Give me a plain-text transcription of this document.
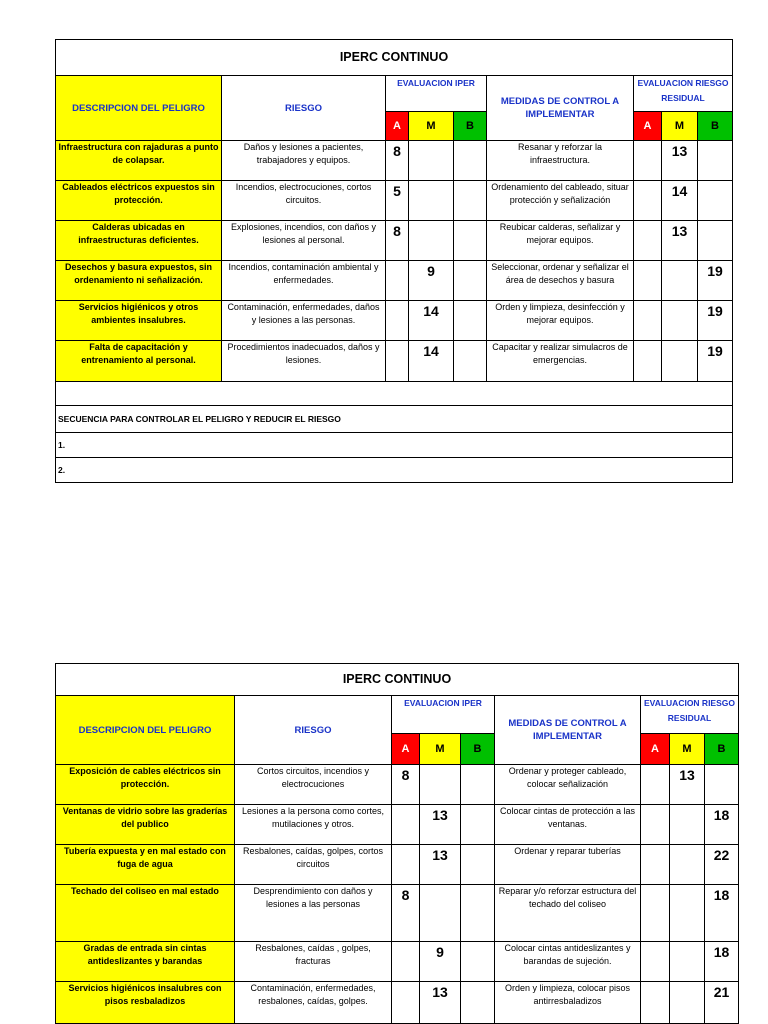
IPERC CONTINUO								
DESCRIPCION DEL PELIGRO	RIESGO	EVALUACION IPER			MEDIDAS DE CONTROL A IMPLEMENTAR	EVALUACION RIESGO RESIDUAL		
		A	M	B		A	M	B
Infraestructura con rajaduras a punto de colapsar.	Daños y lesiones a pacientes, trabajadores y equipos.	8			Resanar y reforzar la infraestructura.		13	
Cableados eléctricos expuestos sin protección.	Incendios, electrocuciones, cortos circuitos.	5			Ordenamiento del cableado, situar protección y señalización		14	
Calderas ubicadas en infraestructuras deficientes.	Explosiones, incendios, con daños y lesiones al personal.	8			Reubicar calderas, señalizar y mejorar equipos.		13	
Desechos y basura expuestos, sin ordenamiento ni señalización.	Incendios, contaminación ambiental y enfermedades.		9		Seleccionar, ordenar y señalizar el área de desechos y basura			19
Servicios higiénicos y otros ambientes insalubres.	Contaminación, enfermedades, daños y lesiones a las personas.		14		Orden y limpieza, desinfección y mejorar equipos.			19
Falta de capacitación y entrenamiento al personal.	Procedimientos inadecuados, daños y lesiones.		14		Capacitar y realizar simulacros de emergencias.			19

SECUENCIA PARA CONTROLAR EL PELIGRO Y REDUCIR EL RIESGO								
1.								
2.								
IPERC CONTINUO								
DESCRIPCION DEL PELIGRO	RIESGO	EVALUACION IPER			MEDIDAS DE CONTROL A IMPLEMENTAR	EVALUACION RIESGO RESIDUAL		
		A	M	B		A	M	B
Exposición de cables eléctricos sin protección.	Cortos circuitos, incendios y electrocuciones	8			Ordenar y proteger cableado, colocar señalización		13	
Ventanas de vidrio sobre las graderías del publico	Lesiones a la persona como cortes, mutilaciones y otros.		13		Colocar cintas de protección a las ventanas.			18
Tubería expuesta y en mal estado con fuga de agua	Resbalones, caídas, golpes, cortos circuitos		13		Ordenar y reparar tuberías			22
Techado del coliseo en mal estado	Desprendimiento con daños y lesiones a las personas	8			Reparar y/o reforzar estructura del techado del coliseo			18
Gradas de entrada sin cintas antideslizantes y barandas	Resbalones, caídas , golpes, fracturas		9		Colocar cintas antideslizantes y barandas de sujeción.			18
Servicios higiénicos insalubres con pisos resbaladizos	Contaminación, enfermedades, resbalones, caídas, golpes.		13		Orden y limpieza, colocar pisos antirresbaladizos			21
